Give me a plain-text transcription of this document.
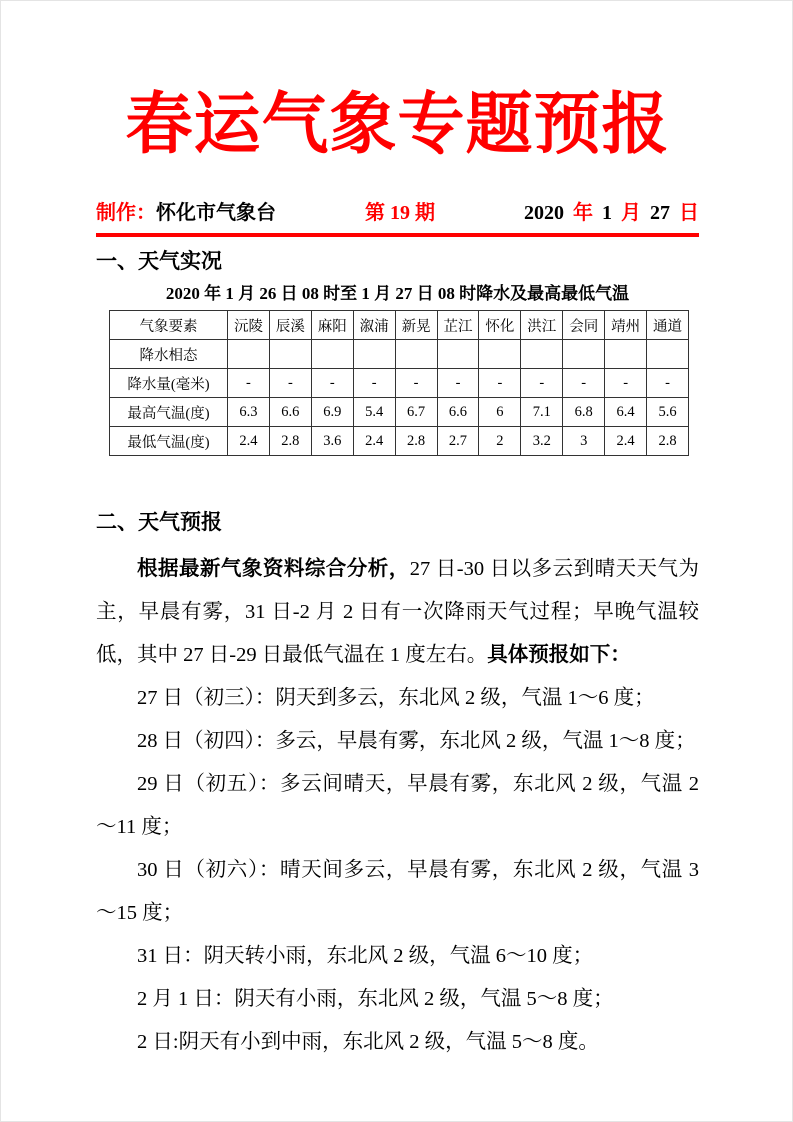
春运气象专题预报
制作：怀化市气象台	第 19 期	2020 年 1 月 27 日
一、天气实况
2020 年 1 月 26 日 08 时至 1 月 27 日 08 时降水及最高最低气温
气象要素	沅陵	辰溪	麻阳	溆浦	新晃	芷江	怀化	洪江	会同	靖州	通道
降水相态											
降水量(毫米)	-	-	-	-	-	-	-	-	-	-	-
最高气温(度)	6.3	6.6	6.9	5.4	6.7	6.6	6	7.1	6.8	6.4	5.6
最低气温(度)	2.4	2.8	3.6	2.4	2.8	2.7	2	3.2	3	2.4	2.8
二、天气预报

根据最新气象资料综合分析，27 日-30 日以多云到晴天天气为主，早晨有雾，31 日-2 月 2 日有一次降雨天气过程；早晚气温较低，其中 27 日-29 日最低气温在 1 度左右。具体预报如下：

27 日（初三）：阴天到多云，东北风 2 级，气温 1～6 度；

28 日（初四）：多云，早晨有雾，东北风 2 级，气温 1～8 度；

29 日（初五）：多云间晴天，早晨有雾，东北风 2 级，气温 2～11 度；

30 日（初六）：晴天间多云，早晨有雾，东北风 2 级，气温 3～15 度；

31 日：阴天转小雨，东北风 2 级，气温 6～10 度；

2 月 1 日：阴天有小雨，东北风 2 级，气温 5～8 度；

2 日:阴天有小到中雨，东北风 2 级，气温 5～8 度。
